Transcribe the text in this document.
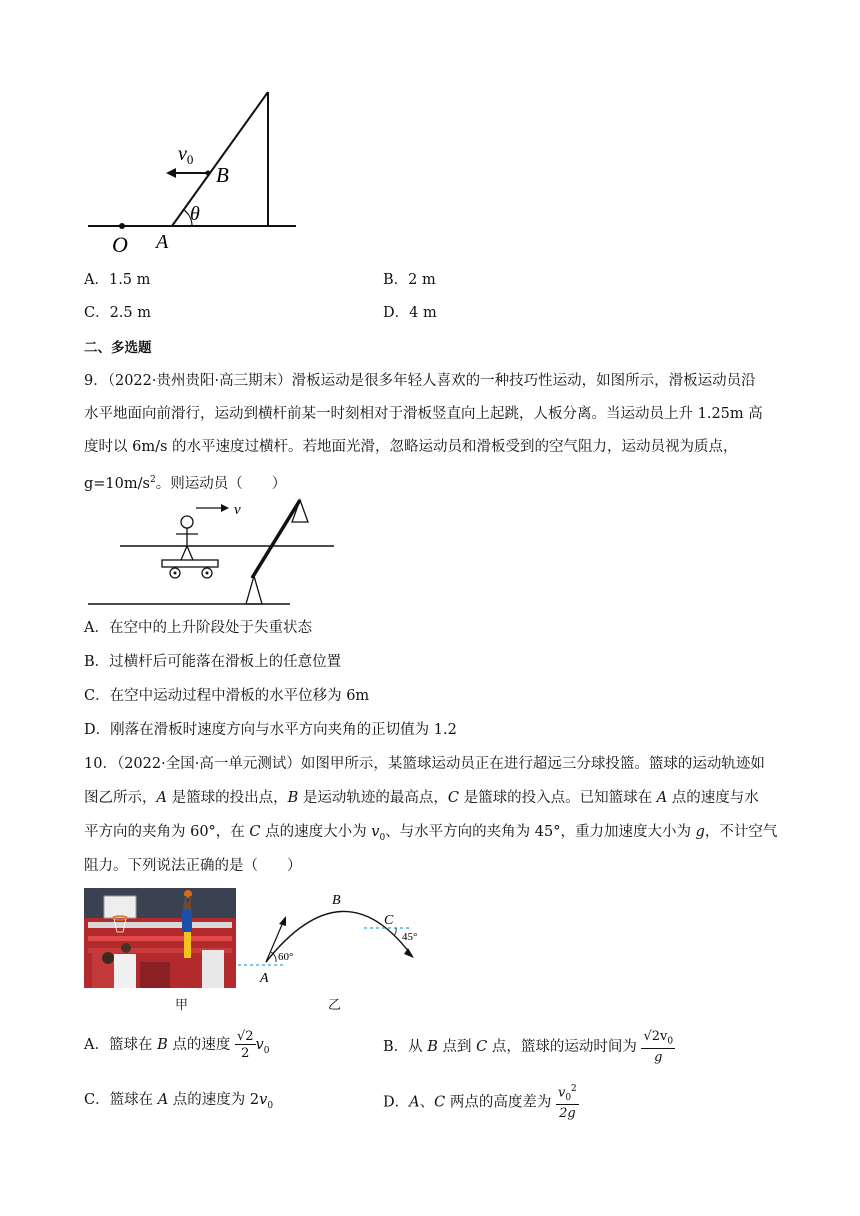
$v_0$
B
θ
O A
A．1.5 m	B．2 m
C．2.5 m	D．4 m
二、多选题
9．（2022·贵州贵阳·高三期末）滑板运动是很多年轻人喜欢的一种技巧性运动，如图所示，滑板运动员沿
水平地面向前滑行，运动到横杆前某一时刻相对于滑板竖直向上起跳，人板分离。当运动员上升 1.25m 高
度时以 6m/s 的水平速度过横杆。若地面光滑，忽略运动员和滑板受到的空气阻力，运动员视为质点，
$g=10m/s^2$。则运动员（　　）
v
A．在空中的上升阶段处于失重状态
B．过横杆后可能落在滑板上的任意位置
C．在空中运动过程中滑板的水平位移为 6m
D．刚落在滑板时速度方向与水平方向夹角的正切值为 1.2
10．（2022·全国·高一单元测试）如图甲所示，某篮球运动员正在进行超远三分球投篮。篮球的运动轨迹如
图乙所示，A 是篮球的投出点，B 是运动轨迹的最高点，C 是篮球的投入点。已知篮球在 A 点的速度与水
平方向的夹角为 60°，在 C 点的速度大小为 $v_0$、与水平方向的夹角为 45°，重力加速度大小为 g，不计空气
阻力。下列说法正确的是（　　）
甲
A
B
C
60°
45°
乙
A．篮球在 B 点的速度 $\frac{√2}{2} v_0$	B．从 B 点到 C 点，篮球的运动时间为 $\frac{√2v_0}{g}$
C．篮球在 A 点的速度为 $2v_0$	D．A、C 两点的高度差为 $\frac{v_0^2}{2g}$
